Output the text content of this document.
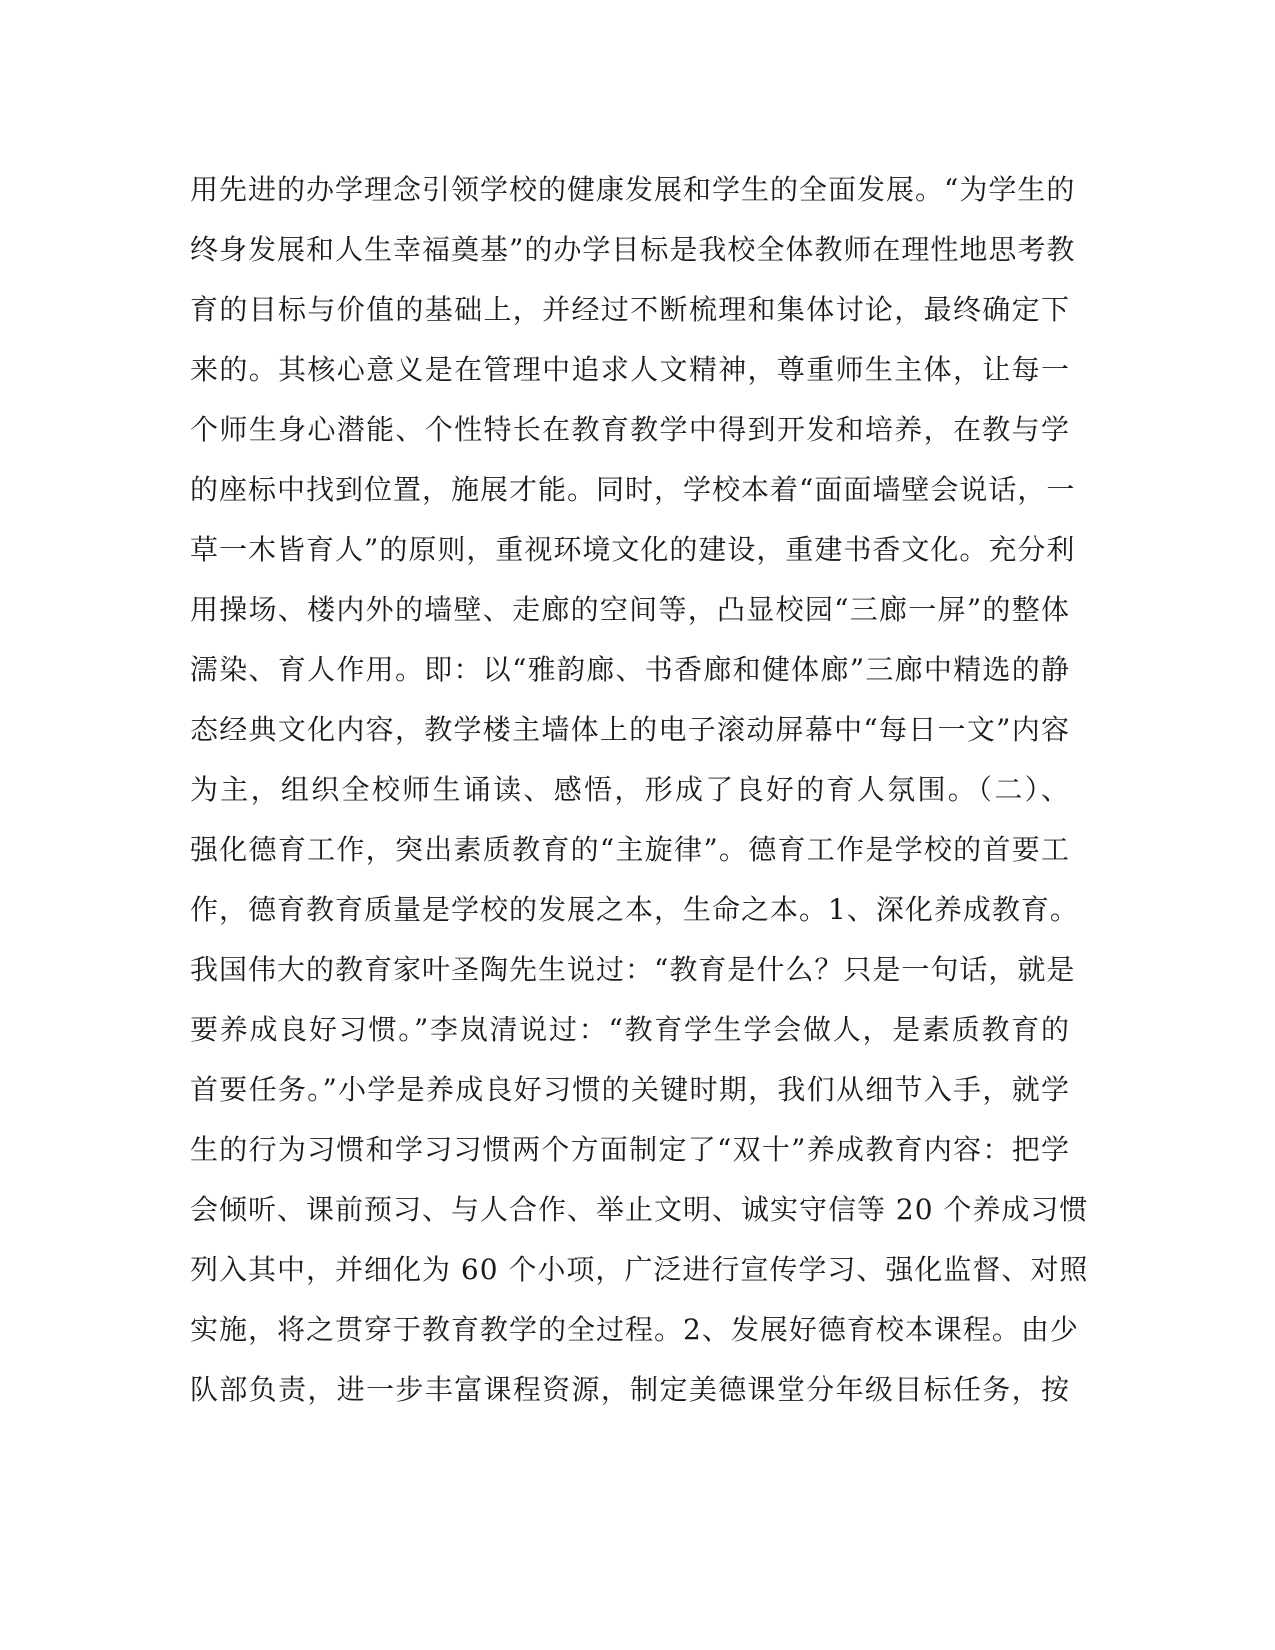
用先进的办学理念引领学校的健康发展和学生的全面发展。“为学生的
终身发展和人生幸福奠基”的办学目标是我校全体教师在理性地思考教
育的目标与价值的基础上，并经过不断梳理和集体讨论，最终确定下
来的。其核心意义是在管理中追求人文精神，尊重师生主体，让每一
个师生身心潜能、个性特长在教育教学中得到开发和培养，在教与学
的座标中找到位置，施展才能。同时，学校本着“面面墙壁会说话，一
草一木皆育人”的原则，重视环境文化的建设，重建书香文化。充分利
用操场、楼内外的墙壁、走廊的空间等，凸显校园“三廊一屏”的整体
濡染、育人作用。即：以“雅韵廊、书香廊和健体廊”三廊中精选的静
态经典文化内容，教学楼主墙体上的电子滚动屏幕中“每日一文”内容
为主，组织全校师生诵读、感悟，形成了良好的育人氛围。（二）、
强化德育工作，突出素质教育的“主旋律”。德育工作是学校的首要工
作，德育教育质量是学校的发展之本，生命之本。1、深化养成教育。
我国伟大的教育家叶圣陶先生说过：“教育是什么？只是一句话，就是
要养成良好习惯。”李岚清说过：“教育学生学会做人，是素质教育的
首要任务。”小学是养成良好习惯的关键时期，我们从细节入手，就学
生的行为习惯和学习习惯两个方面制定了“双十”养成教育内容：把学
会倾听、课前预习、与人合作、举止文明、诚实守信等 20 个养成习惯
列入其中，并细化为 60 个小项，广泛进行宣传学习、强化监督、对照
实施，将之贯穿于教育教学的全过程。2、发展好德育校本课程。由少
队部负责，进一步丰富课程资源，制定美德课堂分年级目标任务，按
